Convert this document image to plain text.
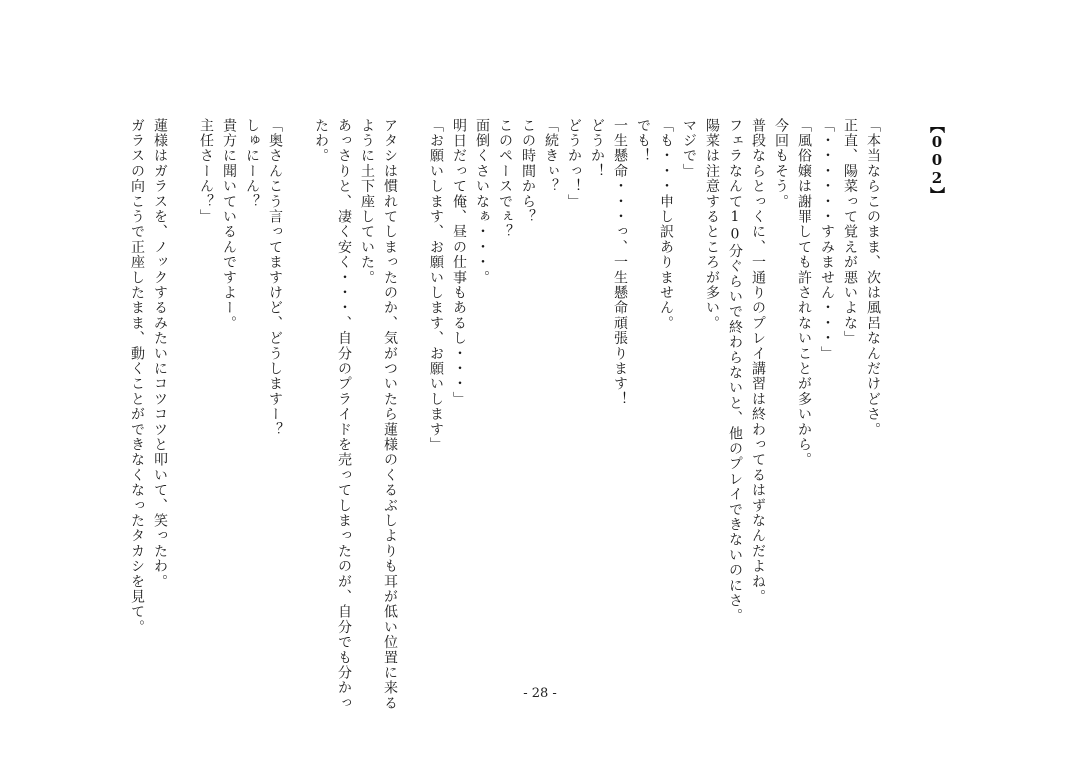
【002】
「本当ならこのまま、次は風呂なんだけどさ。
正直、陽菜って覚えが悪いよな」
「・・・・・・すみません・・・」
「風俗嬢は謝罪しても許されないことが多いから。
今回もそう。
普段ならとっくに、一通りのプレイ講習は終わってるはずなんだよね。
フェラなんて10分ぐらいで終わらないと、他のプレイできないのにさ。
陽菜は注意するところが多い。
マジで」
「も・・・申し訳ありません。
でも！
一生懸命・・・っ、一生懸命頑張ります！
どうか！
どうかっ！」
「続きぃ？
この時間から？
このペースでぇ？
面倒くさいなぁ・・・。
明日だって俺、昼の仕事もあるし・・・」
「お願いします、お願いします、お願いします」
アタシは慣れてしまったのか、気がついたら蓮様のくるぶしよりも耳が低い位置に来る
ように土下座していた。
あっさりと、凄く安く・・・、自分のプライドを売ってしまったのが、自分でも分かっ
たわ。
「奥さんこう言ってますけど、どうしますー？
しゅにーん？
貴方に聞いているんですよー。
主任さーん？」
蓮様はガラスを、ノックするみたいにコツコツと叩いて、笑ったわ。
ガラスの向こうで正座したまま、動くことができなくなったタカシを見て。
- 28 -
